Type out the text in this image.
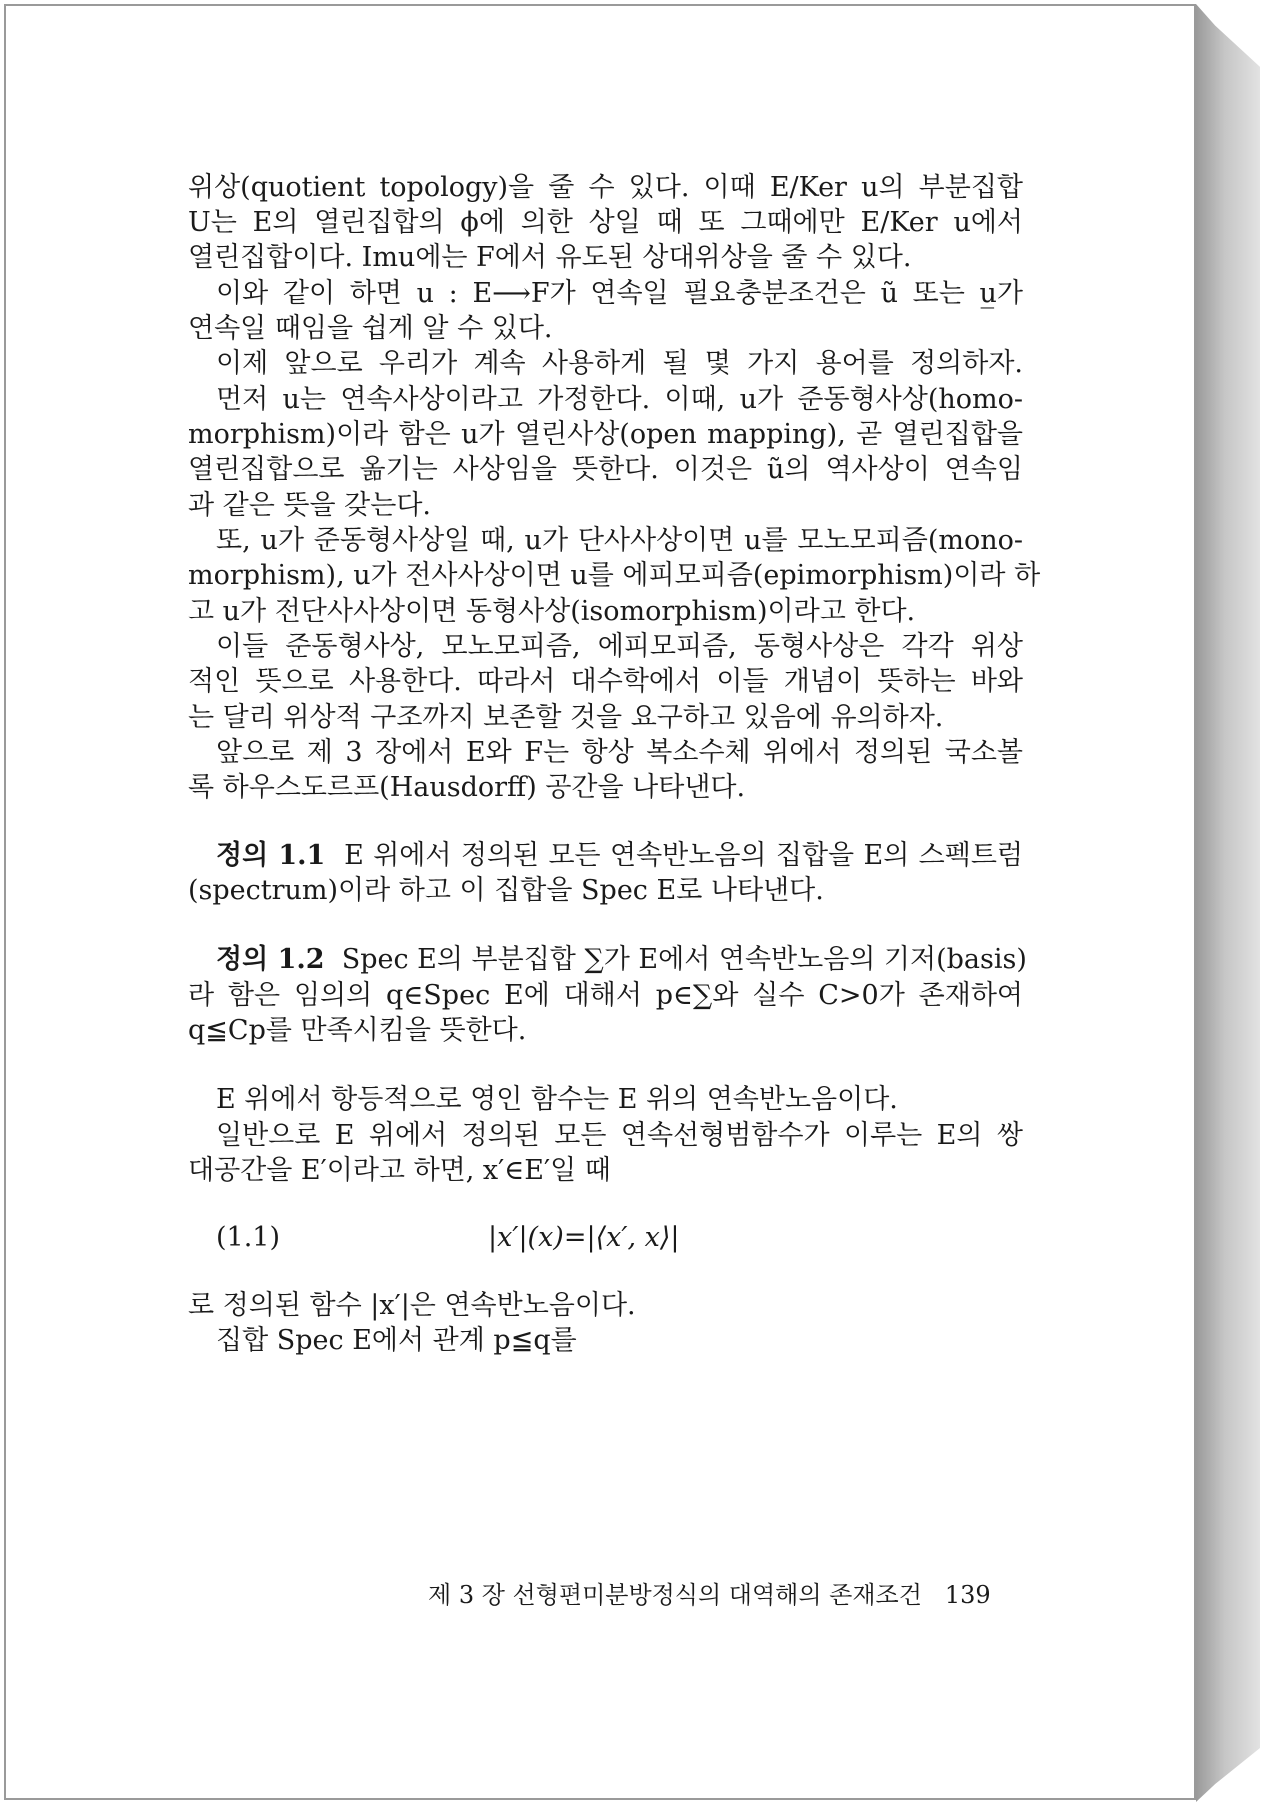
위상(quotient topology)을 줄 수 있다. 이때 E/Ker u의 부분집합
U는 E의 열린집합의 ϕ에 의한 상일 때 또 그때에만 E/Ker u에서
열린집합이다. Imu에는 F에서 유도된 상대위상을 줄 수 있다.
이와 같이 하면 u : E⟶F가 연속일 필요충분조건은 ũ 또는 u̲가
연속일 때임을 쉽게 알 수 있다.
이제 앞으로 우리가 계속 사용하게 될 몇 가지 용어를 정의하자.
먼저 u는 연속사상이라고 가정한다. 이때, u가 준동형사상(homo-
morphism)이라 함은 u가 열린사상(open mapping), 곧 열린집합을
열린집합으로 옮기는 사상임을 뜻한다. 이것은 ũ의 역사상이 연속임
과 같은 뜻을 갖는다.
또, u가 준동형사상일 때, u가 단사사상이면 u를 모노모피즘(mono-
morphism), u가 전사사상이면 u를 에피모피즘(epimorphism)이라 하
고 u가 전단사사상이면 동형사상(isomorphism)이라고 한다.
이들 준동형사상, 모노모피즘, 에피모피즘, 동형사상은 각각 위상
적인 뜻으로 사용한다. 따라서 대수학에서 이들 개념이 뜻하는 바와
는 달리 위상적 구조까지 보존할 것을 요구하고 있음에 유의하자.
앞으로 제 3 장에서 E와 F는 항상 복소수체 위에서 정의된 국소볼
록 하우스도르프(Hausdorff) 공간을 나타낸다.
정의 1.1 E 위에서 정의된 모든 연속반노음의 집합을 E의 스펙트럼
(spectrum)이라 하고 이 집합을 Spec E로 나타낸다.
정의 1.2 Spec E의 부분집합 ∑가 E에서 연속반노음의 기저(basis)
라 함은 임의의 q∈Spec E에 대해서 p∈∑와 실수 C>0가 존재하여
q≦Cp를 만족시킴을 뜻한다.
E 위에서 항등적으로 영인 함수는 E 위의 연속반노음이다.
일반으로 E 위에서 정의된 모든 연속선형범함수가 이루는 E의 쌍
대공간을 E′이라고 하면, x′∈E′일 때
(1.1)	|x′|(x)=|⟨x′, x⟩|
로 정의된 함수 |x′|은 연속반노음이다.
집합 Spec E에서 관계 p≦q를
제 3 장 선형편미분방정식의 대역해의 존재조건 139
